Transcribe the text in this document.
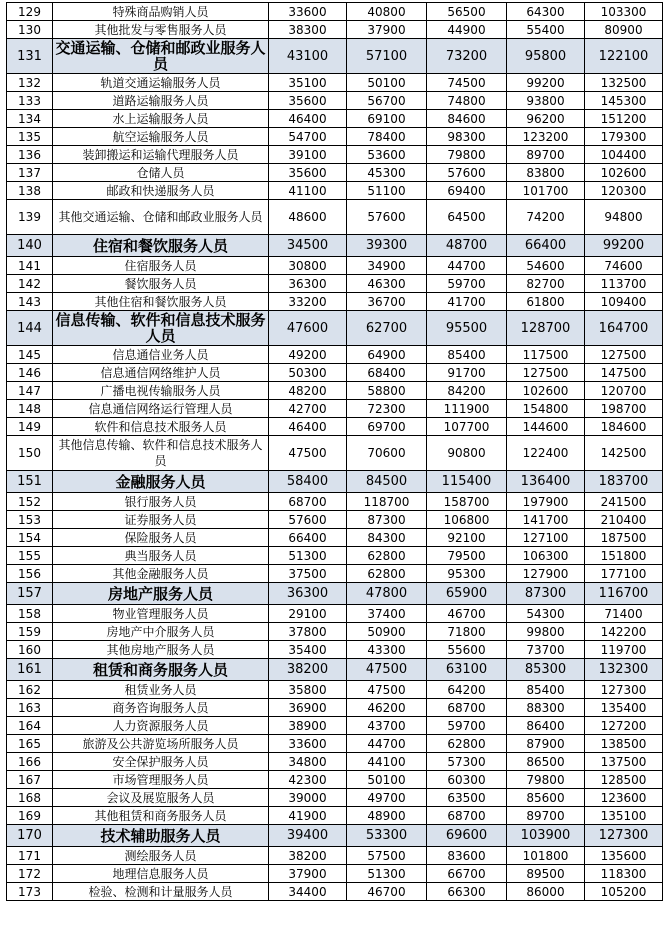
129	特殊商品购销人员	33600	40800	56500	64300	103300
130	其他批发与零售服务人员	38300	37900	44900	55400	80900
131	交通运输、仓储和邮政业服务人员	43100	57100	73200	95800	122100
132	轨道交通运输服务人员	35100	50100	74500	99200	132500
133	道路运输服务人员	35600	56700	74800	93800	145300
134	水上运输服务人员	46400	69100	84600	96200	151200
135	航空运输服务人员	54700	78400	98300	123200	179300
136	装卸搬运和运输代理服务人员	39100	53600	79800	89700	104400
137	仓储人员	35600	45300	57600	83800	102600
138	邮政和快递服务人员	41100	51100	69400	101700	120300
139	其他交通运输、仓储和邮政业服务人员	48600	57600	64500	74200	94800
140	住宿和餐饮服务人员	34500	39300	48700	66400	99200
141	住宿服务人员	30800	34900	44700	54600	74600
142	餐饮服务人员	36300	46300	59700	82700	113700
143	其他住宿和餐饮服务人员	33200	36700	41700	61800	109400
144	信息传输、软件和信息技术服务人员	47600	62700	95500	128700	164700
145	信息通信业务人员	49200	64900	85400	117500	127500
146	信息通信网络维护人员	50300	68400	91700	127500	147500
147	广播电视传输服务人员	48200	58800	84200	102600	120700
148	信息通信网络运行管理人员	42700	72300	111900	154800	198700
149	软件和信息技术服务人员	46400	69700	107700	144600	184600
150	其他信息传输、软件和信息技术服务人员	47500	70600	90800	122400	142500
151	金融服务人员	58400	84500	115400	136400	183700
152	银行服务人员	68700	118700	158700	197900	241500
153	证券服务人员	57600	87300	106800	141700	210400
154	保险服务人员	66400	84300	92100	127100	187500
155	典当服务人员	51300	62800	79500	106300	151800
156	其他金融服务人员	37500	62800	95300	127900	177100
157	房地产服务人员	36300	47800	65900	87300	116700
158	物业管理服务人员	29100	37400	46700	54300	71400
159	房地产中介服务人员	37800	50900	71800	99800	142200
160	其他房地产服务人员	35400	43300	55600	73700	119700
161	租赁和商务服务人员	38200	47500	63100	85300	132300
162	租赁业务人员	35800	47500	64200	85400	127300
163	商务咨询服务人员	36900	46200	68700	88300	135400
164	人力资源服务人员	38900	43700	59700	86400	127200
165	旅游及公共游览场所服务人员	33600	44700	62800	87900	138500
166	安全保护服务人员	34800	44100	57300	86500	137500
167	市场管理服务人员	42300	50100	60300	79800	128500
168	会议及展览服务人员	39000	49700	63500	85600	123600
169	其他租赁和商务服务人员	41900	48900	68700	89700	135100
170	技术辅助服务人员	39400	53300	69600	103900	127300
171	测绘服务人员	38200	57500	83600	101800	135600
172	地理信息服务人员	37900	51300	66700	89500	118300
173	检验、检测和计量服务人员	34400	46700	66300	86000	105200
